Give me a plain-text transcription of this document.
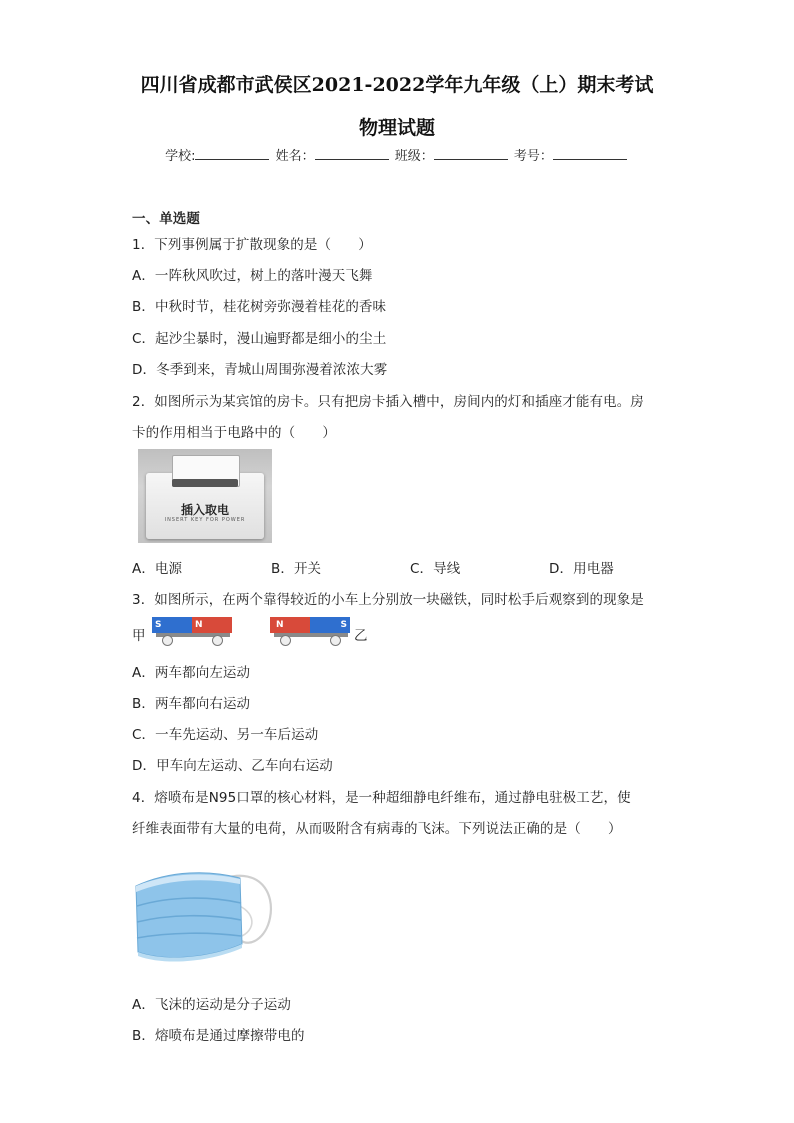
四川省成都市武侯区2021-2022学年九年级（上）期末考试
物理试题
学校:	姓名：	班级：	考号：
一、单选题
1．下列事例属于扩散现象的是（　　）
A．一阵秋风吹过，树上的落叶漫天飞舞
B．中秋时节，桂花树旁弥漫着桂花的香味
C．起沙尘暴时，漫山遍野都是细小的尘土
D．冬季到来，青城山周围弥漫着浓浓大雾
2．如图所示为某宾馆的房卡。只有把房卡插入槽中，房间内的灯和插座才能有电。房
卡的作用相当于电路中的（　　）
插入取电
INSERT KEY FOR POWER
A．电源	B．开关	C．导线	D．用电器
3．如图所示，在两个靠得较近的小车上分别放一块磁铁，同时松手后观察到的现象是
甲
S	N	N	S
乙
A．两车都向左运动
B．两车都向右运动
C．一车先运动、另一车后运动
D．甲车向左运动、乙车向右运动
4．熔喷布是N95口罩的核心材料，是一种超细静电纤维布，通过静电驻极工艺，使
纤维表面带有大量的电荷，从而吸附含有病毒的飞沫。下列说法正确的是（　　）
A．飞沫的运动是分子运动
B．熔喷布是通过摩擦带电的
